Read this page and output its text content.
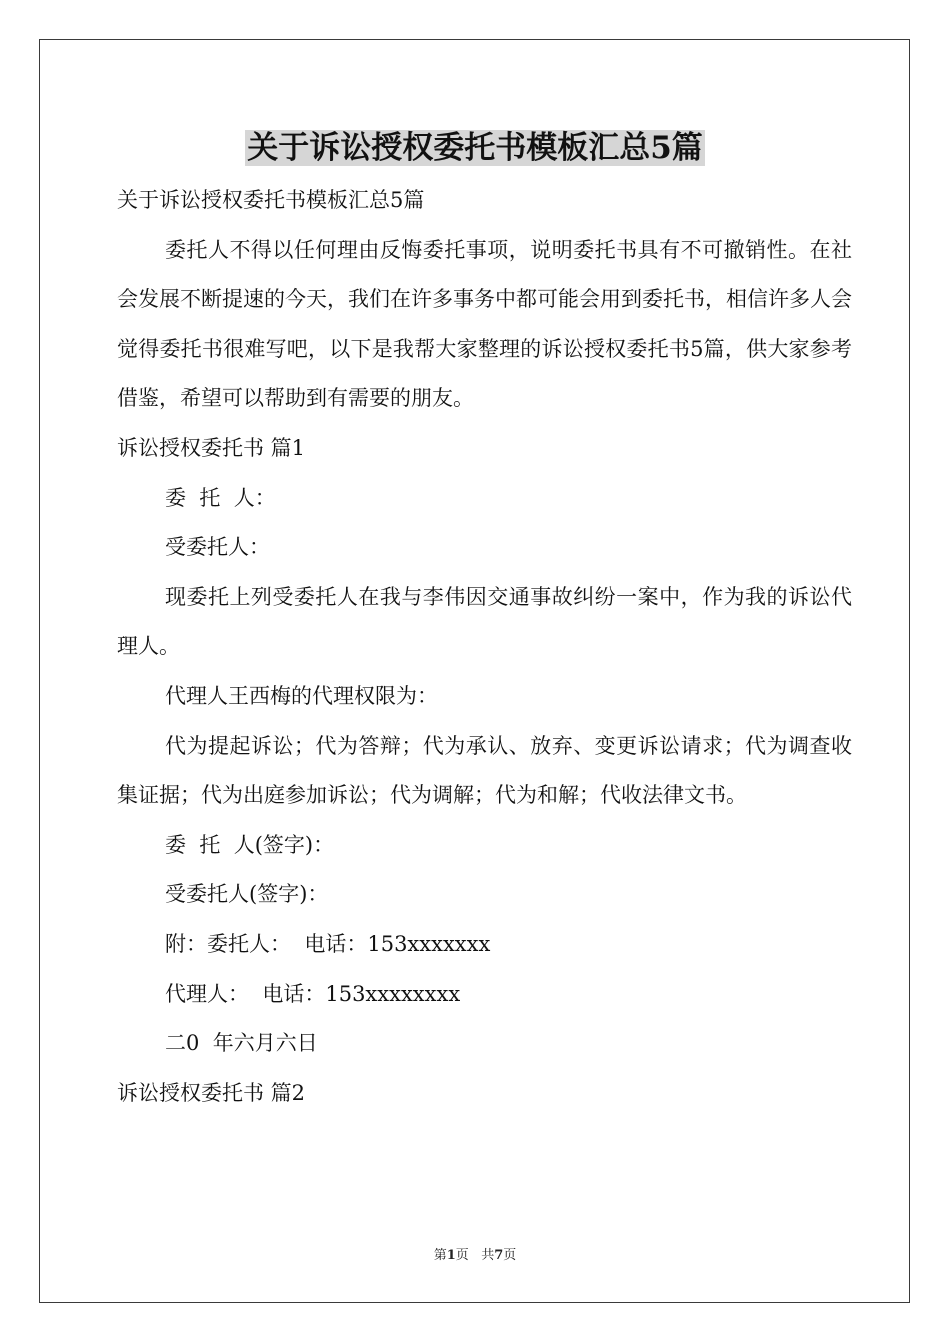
关于诉讼授权委托书模板汇总5篇

关于诉讼授权委托书模板汇总5篇

委托人不得以任何理由反悔委托事项，说明委托书具有不可撤销性。在社会发展不断提速的今天，我们在许多事务中都可能会用到委托书，相信许多人会觉得委托书很难写吧，以下是我帮大家整理的诉讼授权委托书5篇，供大家参考借鉴，希望可以帮助到有需要的朋友。

诉讼授权委托书 篇1

委  托  人：

受委托人：

现委托上列受委托人在我与李伟因交通事故纠纷一案中，作为我的诉讼代理人。

代理人王西梅的代理权限为：

代为提起诉讼；代为答辩；代为承认、放弃、变更诉讼请求；代为调查收集证据；代为出庭参加诉讼；代为调解；代为和解；代收法律文书。

委  托  人(签字)：

受委托人(签字)：

附：委托人：  电话：153xxxxxxx

代理人：  电话：153xxxxxxxx

二0  年六月六日

诉讼授权委托书 篇2

第1页 共7页
